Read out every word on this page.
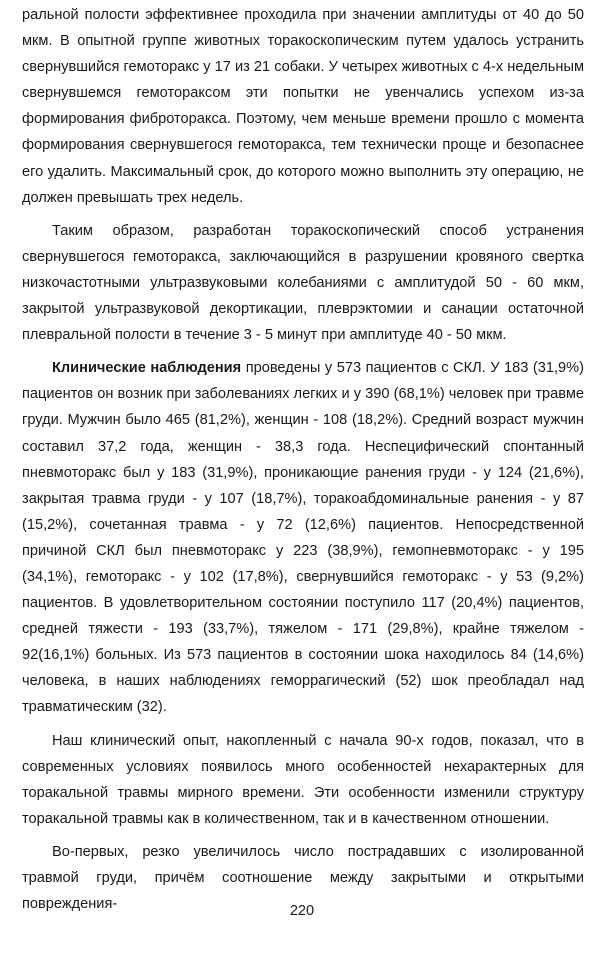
ральной полости эффективнее проходила при значении амплитуды от 40 до 50 мкм. В опытной группе животных торакоскопическим путем удалось устранить свернувшийся гемоторакс у 17 из 21 собаки. У четырех животных с 4-х недельным свернувшемся гемотораксом эти попытки не увенчались успехом из-за формирования фиброторакса. Поэтому, чем меньше времени прошло с момента формирования свернувшегося гемоторакса, тем технически проще и безопаснее его удалить. Максимальный срок, до которого можно выполнить эту операцию, не должен превышать трех недель.

Таким образом, разработан торакоскопический способ устранения свернувшегося гемоторакса, заключающийся в разрушении кровяного свертка низкочастотными ультразвуковыми колебаниями с амплитудой 50 - 60 мкм, закрытой ультразвуковой декортикации, плеврэктомии и санации остаточной плевральной полости в течение 3 - 5 минут при амплитуде 40 - 50 мкм.

Клинические наблюдения проведены у 573 пациентов с СКЛ. У 183 (31,9%) пациентов он возник при заболеваниях легких и у 390 (68,1%) человек при травме груди. Мужчин было 465 (81,2%), женщин - 108 (18,2%). Средний возраст мужчин составил 37,2 года, женщин - 38,3 года. Неспецифический спонтанный пневмоторакс был у 183 (31,9%), проникающие ранения груди - у 124 (21,6%), закрытая травма груди - у 107 (18,7%), торакоабдоминальные ранения - у 87 (15,2%), сочетанная травма - у 72 (12,6%) пациентов. Непосредственной причиной СКЛ был пневмоторакс у 223 (38,9%), гемопневмоторакс - у 195 (34,1%), гемоторакс - у 102 (17,8%), свернувшийся гемоторакс - у 53 (9,2%) пациентов. В удовлетворительном состоянии поступило 117 (20,4%) пациентов, средней тяжести - 193 (33,7%), тяжелом - 171 (29,8%), крайне тяжелом - 92(16,1%) больных. Из 573 пациентов в состоянии шока находилось 84 (14,6%) человека, в наших наблюдениях геморрагический (52) шок преобладал над травматическим (32).

Наш клинический опыт, накопленный с начала 90-х годов, показал, что в современных условиях появилось много особенностей нехарактерных для торакальной травмы мирного времени. Эти особенности изменили структуру торакальной травмы как в количественном, так и в качественном отношении.

Во-первых, резко увеличилось число пострадавших с изолированной травмой груди, причём соотношение между закрытыми и открытыми повреждения-	220
